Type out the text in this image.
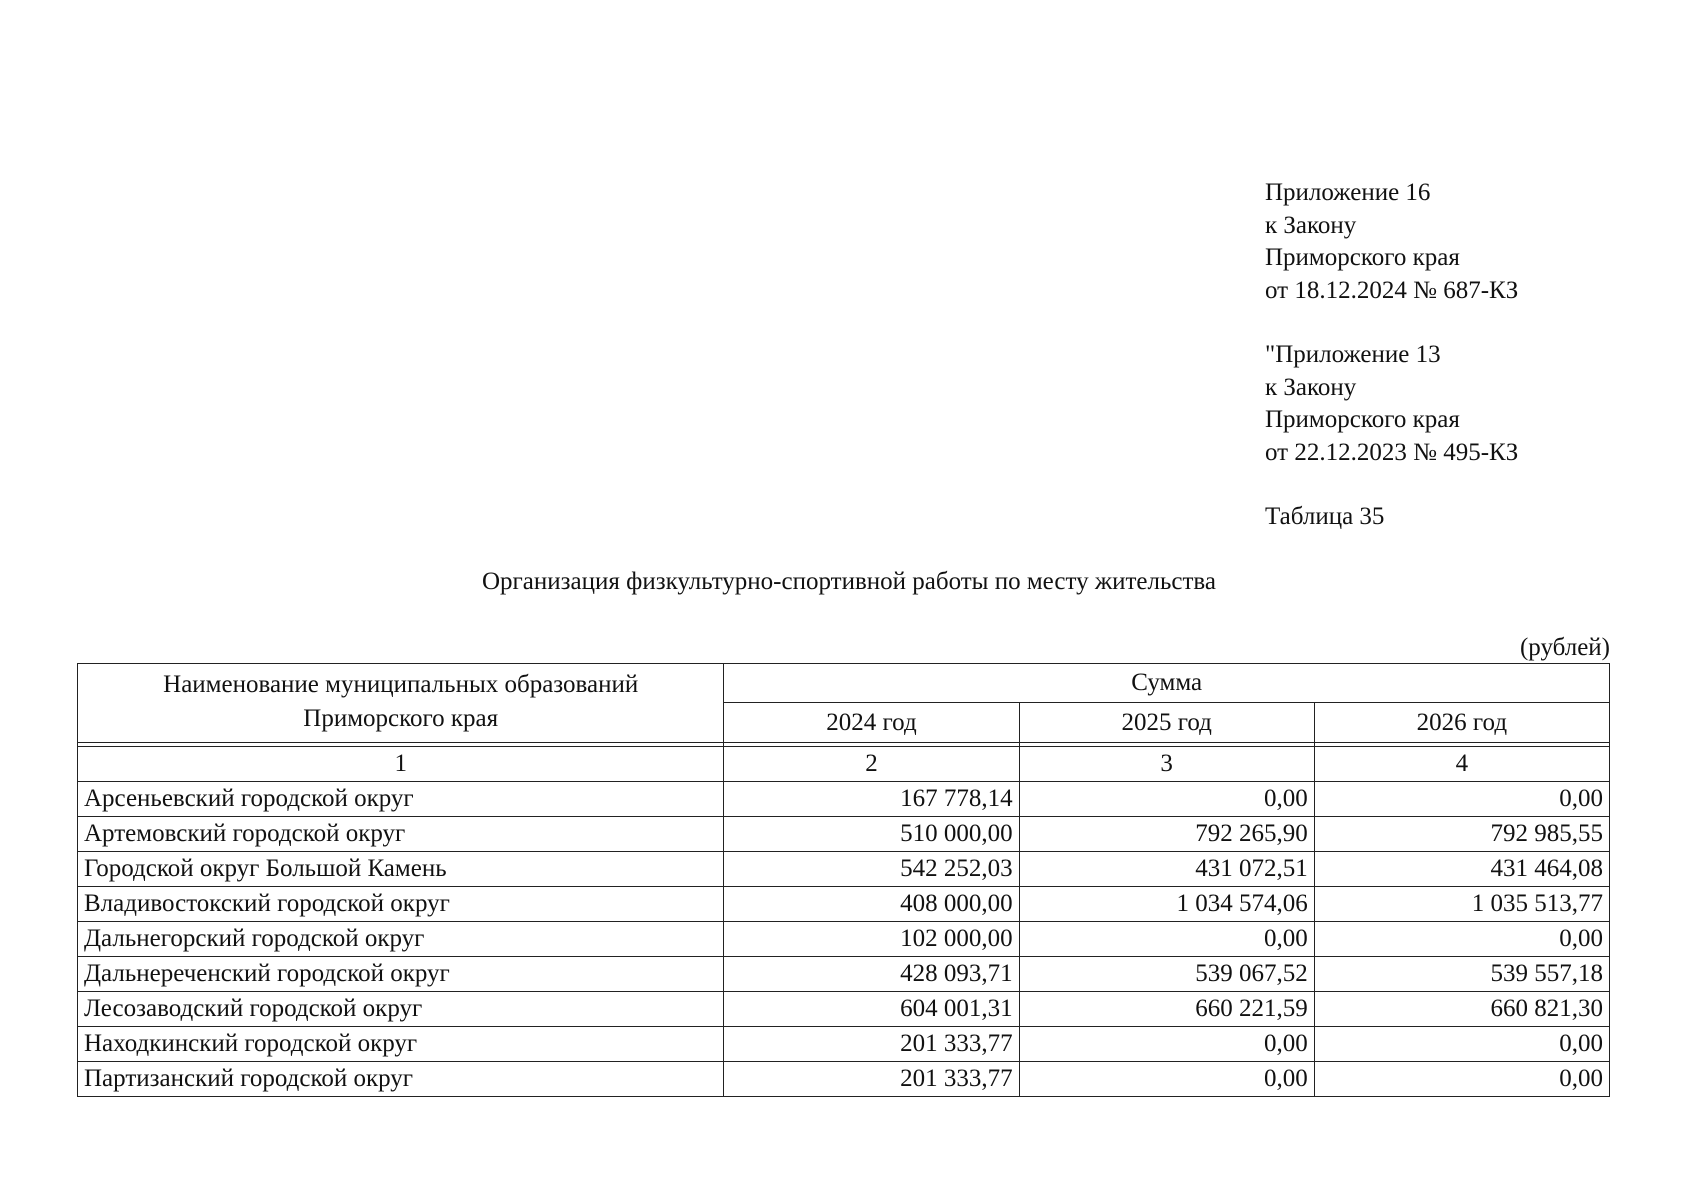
Приложение 16
к Закону
Приморского края
от 18.12.2024 № 687-КЗ
"Приложение 13
к Закону
Приморского края
от 22.12.2023 № 495-КЗ
Таблица 35
Организация физкультурно-спортивной работы по месту жительства
(рублей)
Наименование муниципальных образований
Приморского края	Сумма		
	2024 год	2025 год	2026 год

1	2	3	4
Арсеньевский городской округ	167 778,14	0,00	0,00
Артемовский городской округ	510 000,00	792 265,90	792 985,55
Городской округ Большой Камень	542 252,03	431 072,51	431 464,08
Владивостокский городской округ	408 000,00	1 034 574,06	1 035 513,77
Дальнегорский городской округ	102 000,00	0,00	0,00
Дальнереченский городской округ	428 093,71	539 067,52	539 557,18
Лесозаводский городской округ	604 001,31	660 221,59	660 821,30
Находкинский городской округ	201 333,77	0,00	0,00
Партизанский городской округ	201 333,77	0,00	0,00
